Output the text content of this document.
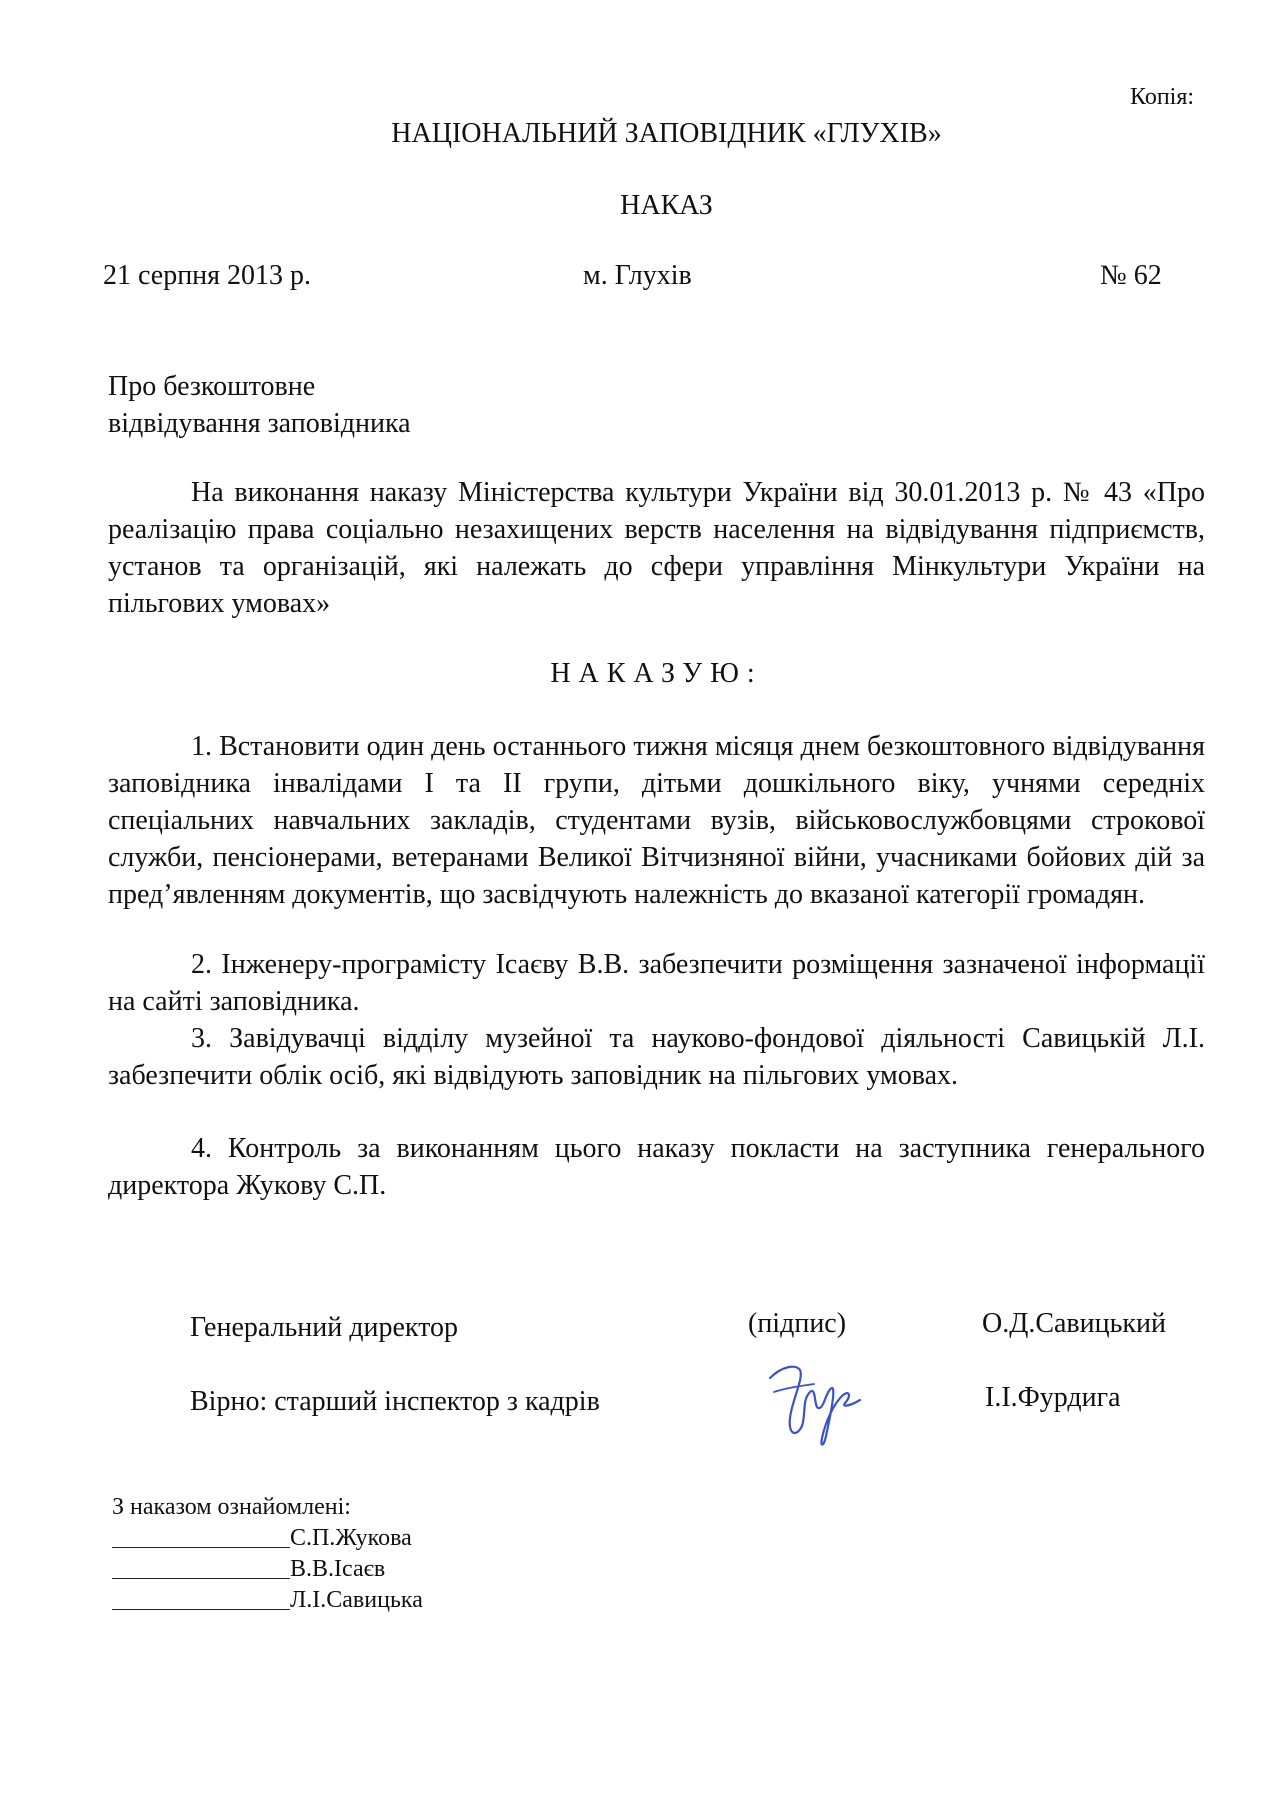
Копія:
НАЦІОНАЛЬНИЙ ЗАПОВІДНИК «ГЛУХІВ»
НАКАЗ
21 серпня 2013 р.	м. Глухів	№ 62
Про безкоштовне
відвідування заповідника
На виконання наказу Міністерства культури України від 30.01.2013 р. № 43 «Про реалізацію права соціально незахищених верств населення на відвідування підприємств, установ та організацій, які належать до сфери управління Мінкультури України на пільгових умовах»
НАКАЗУЮ:
1. Встановити один день останнього тижня місяця днем безкоштовного відвідування заповідника інвалідами І та ІІ групи, дітьми дошкільного віку, учнями середніх спеціальних навчальних закладів, студентами вузів, військовослужбовцями строкової служби, пенсіонерами, ветеранами Великої Вітчизняної війни, учасниками бойових дій за пред’явленням документів, що засвідчують належність до вказаної категорії громадян.
2. Інженеру-програмісту Ісаєву В.В. забезпечити розміщення зазначеної інформації на сайті заповідника.
3. Завідувачці відділу музейної та науково-фондової діяльності Савицькій Л.І. забезпечити облік осіб, які відвідують заповідник на пільгових умовах.
4. Контроль за виконанням цього наказу покласти на заступника генерального директора Жукову С.П.
Генеральний директор	(підпис)	О.Д.Савицький
Вірно: старший інспектор з кадрів	І.І.Фурдига
З наказом ознайомлені:
С.П.Жукова
В.В.Ісаєв
Л.І.Савицька
